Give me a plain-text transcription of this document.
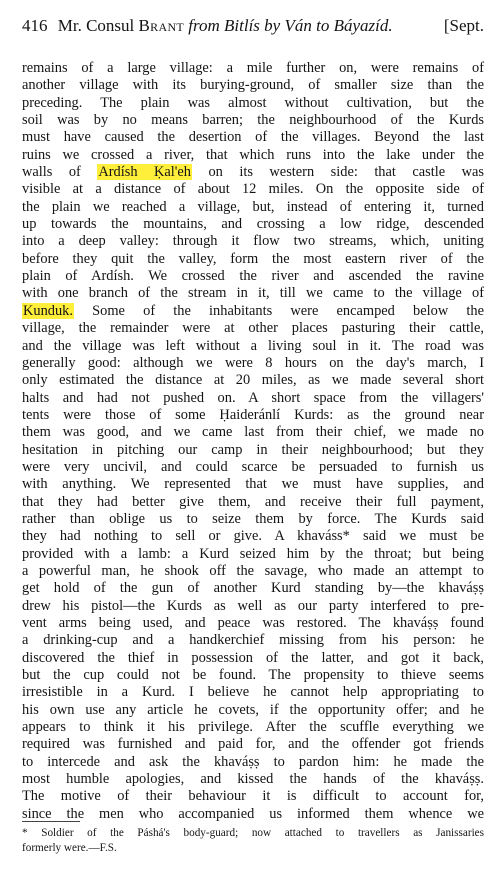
416 Mr. Consul Brant from Bitlís by Ván to Báyazíd.	[Sept.
remains of a large village: a mile further on, were remains of
another village with its burying-ground, of smaller size than the
preceding. The plain was almost without cultivation, but the
soil was by no means barren; the neighbourhood of the Kurds
must have caused the desertion of the villages. Beyond the last
ruins we crossed a river, that which runs into the lake under the
walls of Ardísh Ḳal'eh on its western side: that castle was
visible at a distance of about 12 miles. On the opposite side of
the plain we reached a village, but, instead of entering it, turned
up towards the mountains, and crossing a low ridge, descended
into a deep valley: through it flow two streams, which, uniting
before they quit the valley, form the most eastern river of the
plain of Ardísh. We crossed the river and ascended the ravine
with one branch of the stream in it, till we came to the village of
Kunduk. Some of the inhabitants were encamped below the
village, the remainder were at other places pasturing their cattle,
and the village was left without a living soul in it. The road was
generally good: although we were 8 hours on the day's march, I
only estimated the distance at 20 miles, as we made several short
halts and had not pushed on. A short space from the villagers'
tents were those of some Ḥaideránlí Kurds: as the ground near
them was good, and we came last from their chief, we made no
hesitation in pitching our camp in their neighbourhood; but they
were very uncivil, and could scarce be persuaded to furnish us
with anything. We represented that we must have supplies, and
that they had better give them, and receive their full payment,
rather than oblige us to seize them by force. The Kurds said
they had nothing to sell or give. A khaváss* said we must be
provided with a lamb: a Kurd seized him by the throat; but being
a powerful man, he shook off the savage, who made an attempt to
get hold of the gun of another Kurd standing by—the khaváṣṣ
drew his pistol—the Kurds as well as our party interfered to pre-
vent arms being used, and peace was restored. The khaváṣṣ found
a drinking-cup and a handkerchief missing from his person: he
discovered the thief in possession of the latter, and got it back,
but the cup could not be found. The propensity to thieve seems
irresistible in a Kurd. I believe he cannot help appropriating to
his own use any article he covets, if the opportunity offer; and he
appears to think it his privilege. After the scuffle everything we
required was furnished and paid for, and the offender got friends
to intercede and ask the khaváṣṣ to pardon him: he made the
most humble apologies, and kissed the hands of the khaváṣṣ.
The motive of their behaviour it is difficult to account for,
since the men who accompanied us informed them whence we
* Soldier of the Páshá's body-guard; now attached to travellers as Janissaries
formerly were.—F.S.
